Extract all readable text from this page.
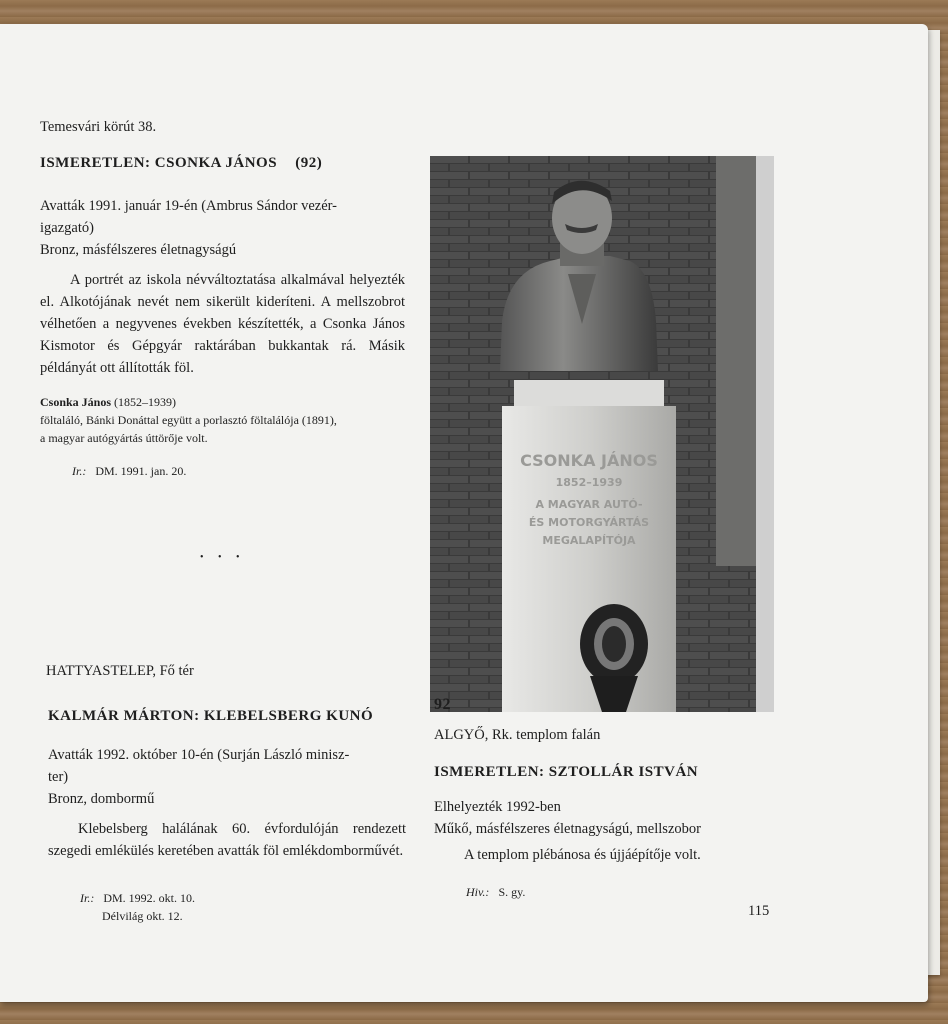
Temesvári körút 38.
ISMERETLEN: CSONKA JÁNOS (92)
Avatták 1991. január 19-én (Ambrus Sándor vezér-
igazgató)
Bronz, másfélszeres életnagyságú
A portrét az iskola névváltoztatása alkalmával helyezték el. Alkotójának nevét nem sikerült kideríteni. A mellszobrot vélhetően a negyvenes években készítették, a Csonka János Kismotor és Gépgyár raktárában bukkantak rá. Másik példányát ott állították föl.
Csonka János (1852–1939)
föltaláló, Bánki Donáttal együtt a porlasztó föltalálója (1891),
a magyar autógyártás úttörője volt.
Ir.: DM. 1991. jan. 20.
• • •
HATTYASTELEP, Fő tér
KALMÁR MÁRTON: KLEBELSBERG KUNÓ
Avatták 1992. október 10-én (Surján László minisz-
ter)
Bronz, dombormű
Klebelsberg halálának 60. évfordulóján rendezett szegedi emlékülés keretében avatták föl emlékdomborművét.
Ir.: DM. 1992. okt. 10.
Délvilág okt. 12.
CSONKA JÁNOS
1852–1939
A MAGYAR AUTÓ-
ÉS MOTORGYÁRTÁS
MEGALAPÍTÓJA
92
ALGYŐ, Rk. templom falán
ISMERETLEN: SZTOLLÁR ISTVÁN
Elhelyezték 1992-ben
Műkő, másfélszeres életnagyságú, mellszobor
A templom plébánosa és újjáépítője volt.
Hiv.: S. gy.
115
